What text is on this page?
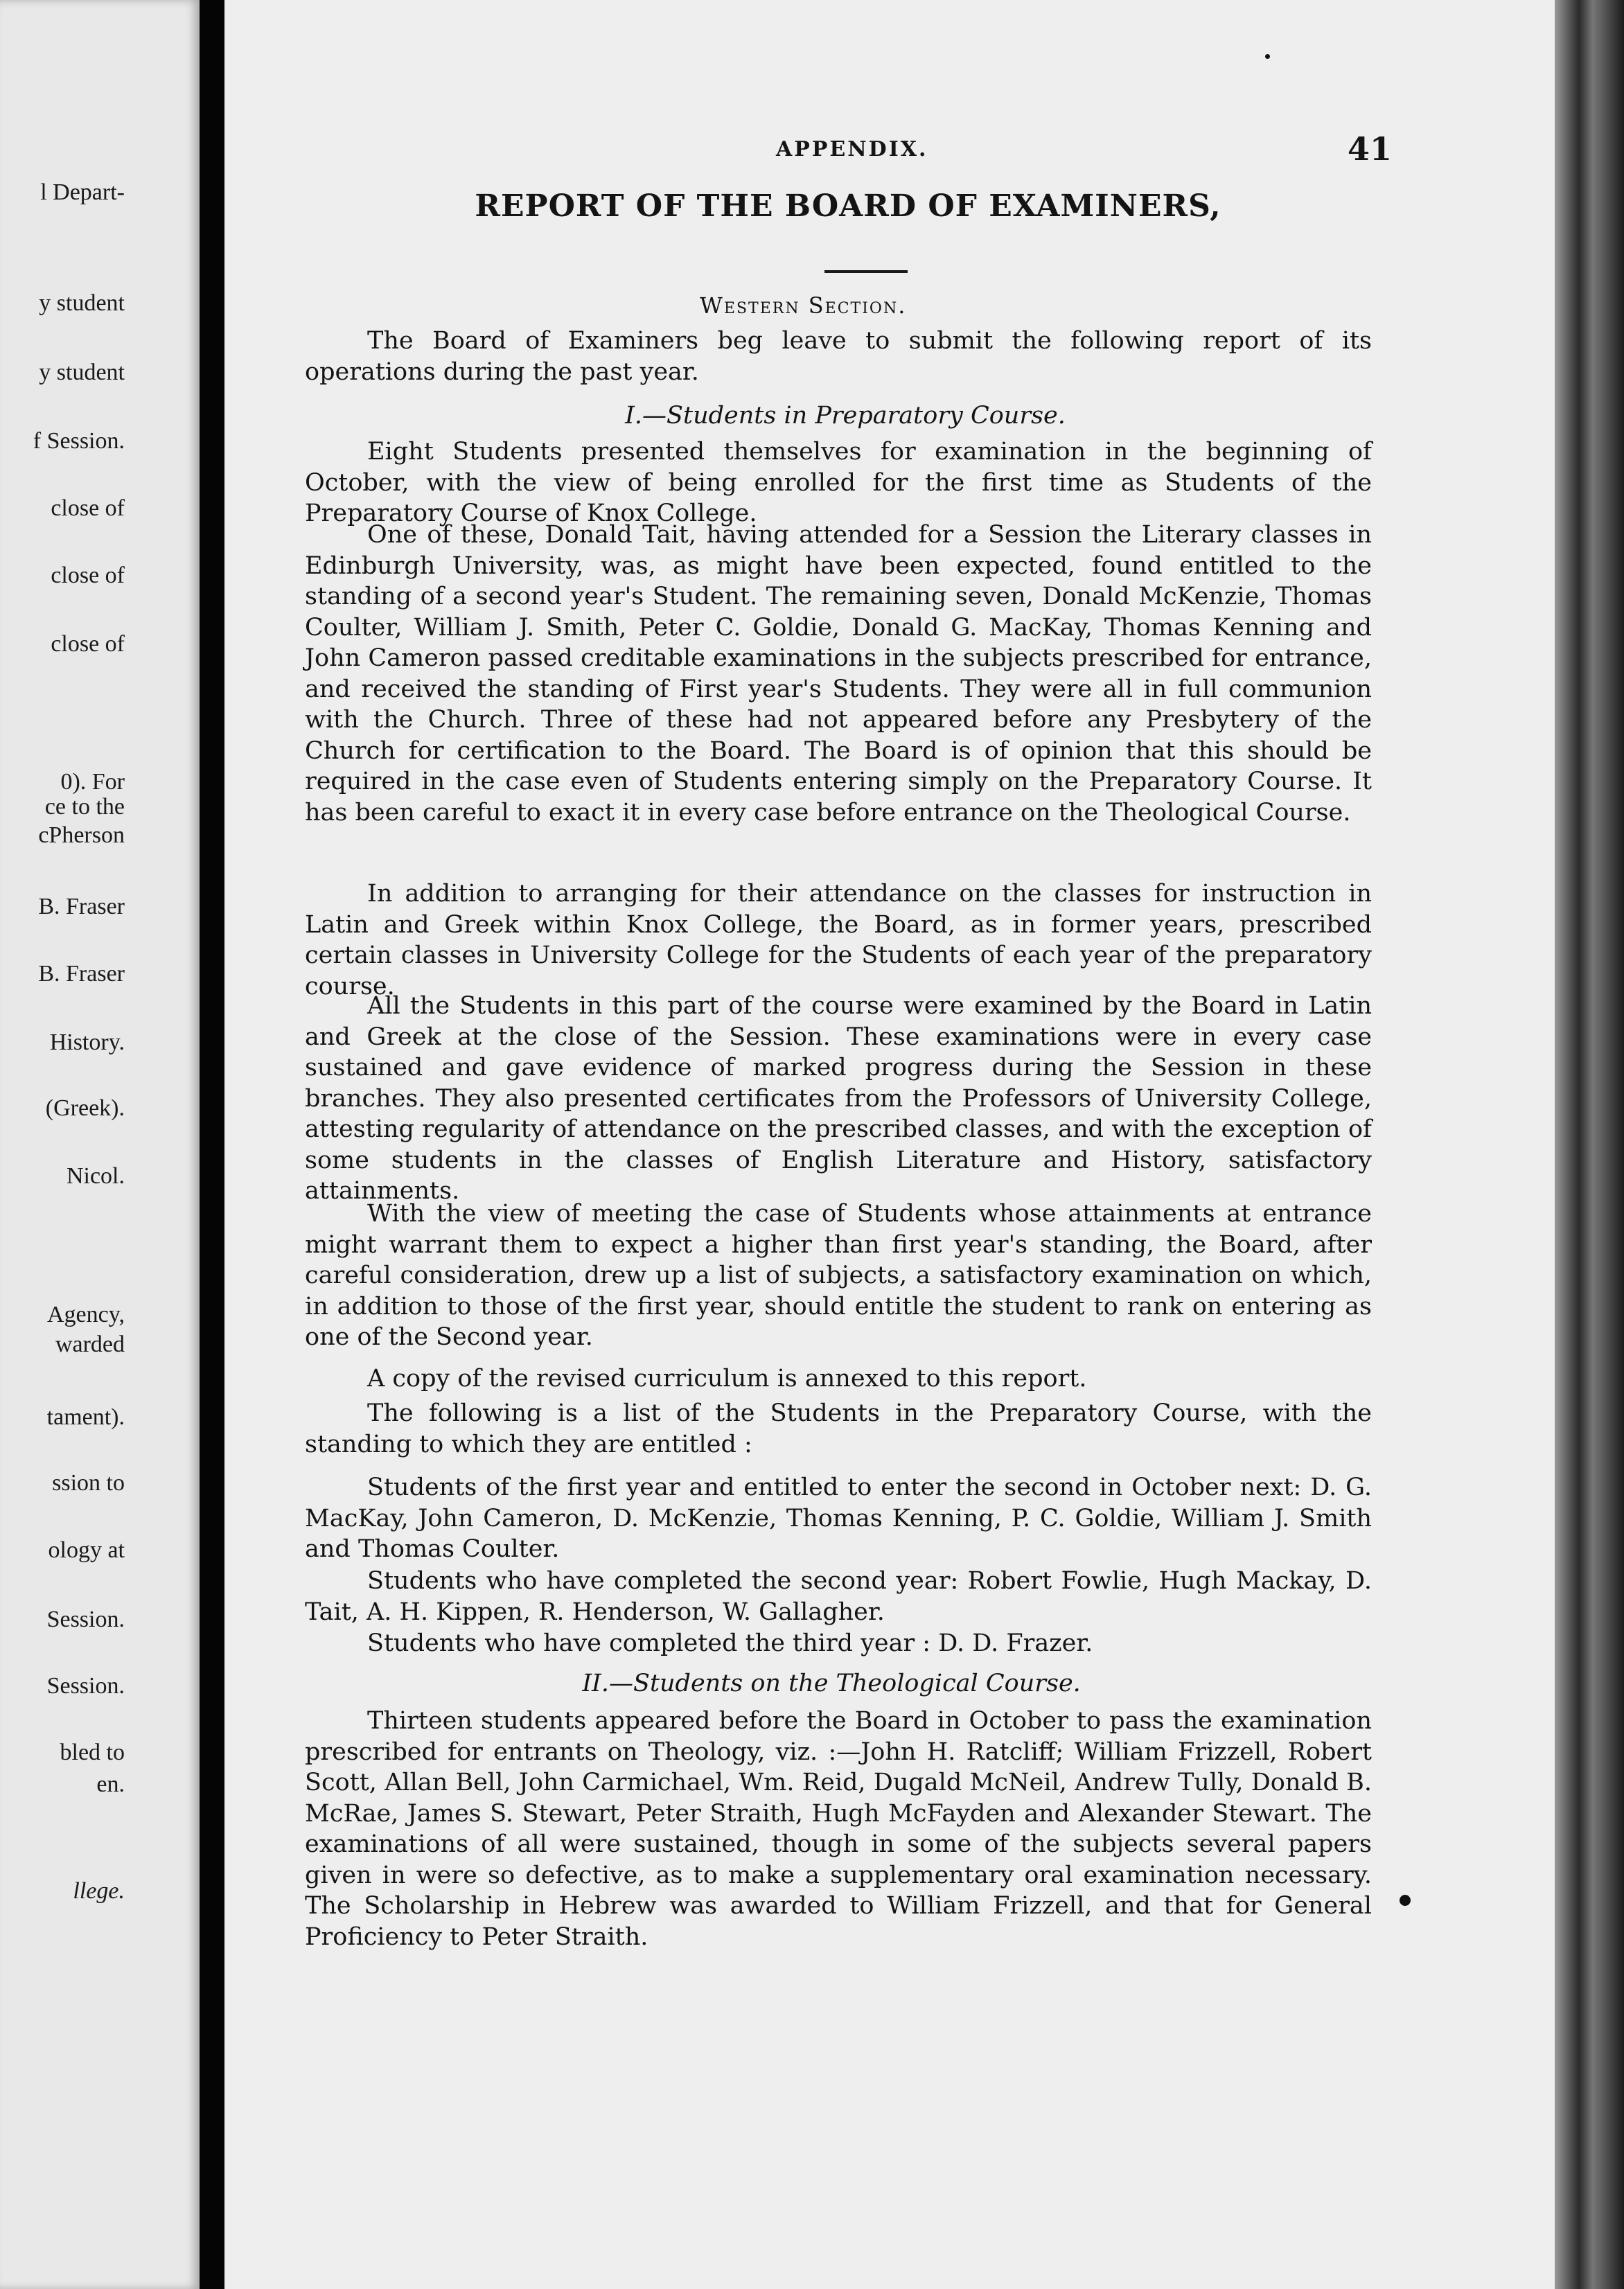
l Depart-
y student
y student
f Session.
close of
close of
close of
0). For
ce to the
cPherson
B. Fraser
B. Fraser
History.
(Greek).
Nicol.
Agency,
warded
tament).
ssion to
ology at
Session.
Session.
bled to
en.
llege.
APPENDIX.	41
REPORT OF THE BOARD OF EXAMINERS,
Western Section.

The Board of Examiners beg leave to submit the following report of its operations during the past year.

I.—Students in Preparatory Course.

Eight Students presented themselves for examination in the beginning of October, with the view of being enrolled for the first time as Students of the Preparatory Course of Knox College.

One of these, Donald Tait, having attended for a Session the Literary classes in Edinburgh University, was, as might have been expected, found entitled to the standing of a second year's Student. The remaining seven, Donald McKenzie, Thomas Coulter, William J. Smith, Peter C. Goldie, Donald G. MacKay, Thomas Kenning and John Cameron passed creditable examinations in the subjects prescribed for entrance, and received the standing of First year's Students. They were all in full communion with the Church. Three of these had not appeared before any Presbytery of the Church for certification to the Board. The Board is of opinion that this should be required in the case even of Students entering simply on the Preparatory Course. It has been careful to exact it in every case before entrance on the Theological Course.

In addition to arranging for their attendance on the classes for instruction in Latin and Greek within Knox College, the Board, as in former years, prescribed certain classes in University College for the Students of each year of the preparatory course.

All the Students in this part of the course were examined by the Board in Latin and Greek at the close of the Session. These examinations were in every case sustained and gave evidence of marked progress during the Session in these branches. They also presented certificates from the Professors of University College, attesting regularity of attendance on the prescribed classes, and with the exception of some students in the classes of English Literature and History, satisfactory attainments.

With the view of meeting the case of Students whose attainments at entrance might warrant them to expect a higher than first year's standing, the Board, after careful consideration, drew up a list of subjects, a satisfactory examination on which, in addition to those of the first year, should entitle the student to rank on entering as one of the Second year.

A copy of the revised curriculum is annexed to this report.

The following is a list of the Students in the Preparatory Course, with the standing to which they are entitled :

Students of the first year and entitled to enter the second in October next: D. G. MacKay, John Cameron, D. McKenzie, Thomas Kenning, P. C. Goldie, William J. Smith and Thomas Coulter.

Students who have completed the second year: Robert Fowlie, Hugh Mackay, D. Tait, A. H. Kippen, R. Henderson, W. Gallagher.

Students who have completed the third year : D. D. Frazer.

II.—Students on the Theological Course.

Thirteen students appeared before the Board in October to pass the examination prescribed for entrants on Theology, viz. :—John H. Ratcliff; William Frizzell, Robert Scott, Allan Bell, John Carmichael, Wm. Reid, Dugald McNeil, Andrew Tully, Donald B. McRae, James S. Stewart, Peter Straith, Hugh McFayden and Alexander Stewart. The examinations of all were sustained, though in some of the subjects several papers given in were so defective, as to make a supplementary oral examination necessary. The Scholarship in Hebrew was awarded to William Frizzell, and that for General Proficiency to Peter Straith.
